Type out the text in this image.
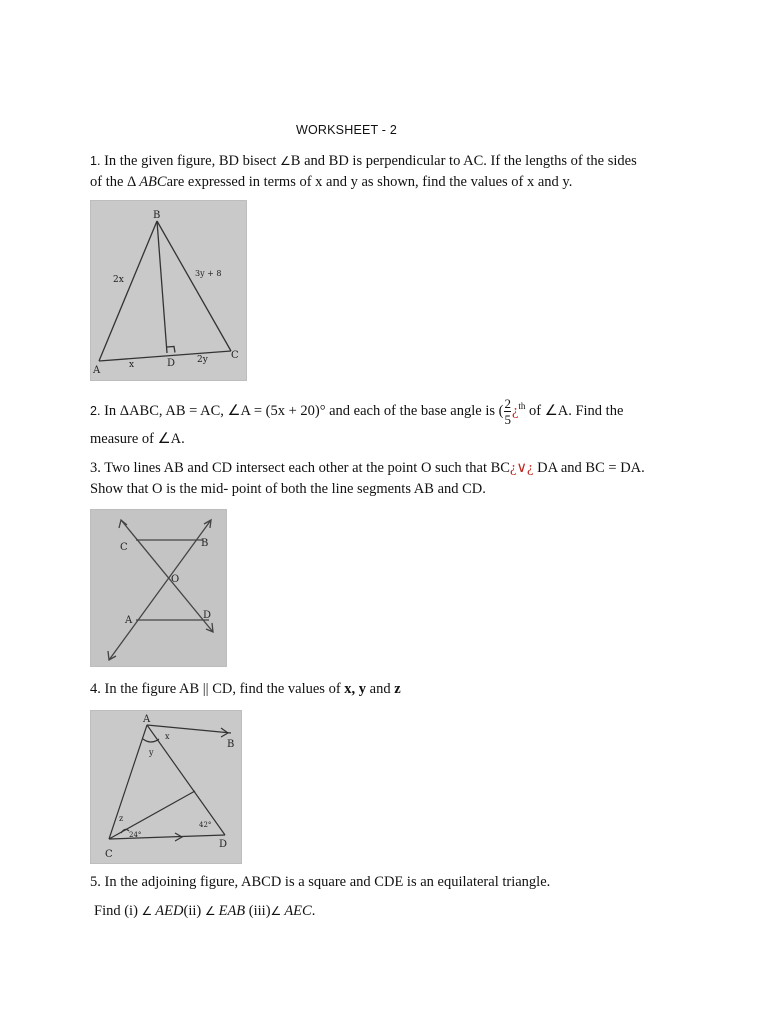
WORKSHEET - 2
1. In the given figure, BD bisect ∠B and BD is perpendicular to AC. If the lengths of the sides
of the Δ ABCare expressed in terms of x and y as shown, find the values of x and y.
B
A
D
C
2x
3y + 8
x	2y
2. In ΔABC, AB = AC, ∠A = (5x + 20)° and each of the base angle is ( $\frac{2}{5}$ ¿$^{th}$ of ∠A. Find the
measure of ∠A.
3. Two lines AB and CD intersect each other at the point O such that BC¿∨¿ DA and BC = DA.
Show that O is the mid- point of both the line segments AB and CD.
C	B
O
A	D
4. In the figure AB || CD, find the values of x, y and z
A
B
C
D
x
y
z
24°
42°
5. In the adjoining figure, ABCD is a square and CDE is an equilateral triangle.
Find (i) ∠ AED(ii) ∠ EAB (iii)∠ AEC.
